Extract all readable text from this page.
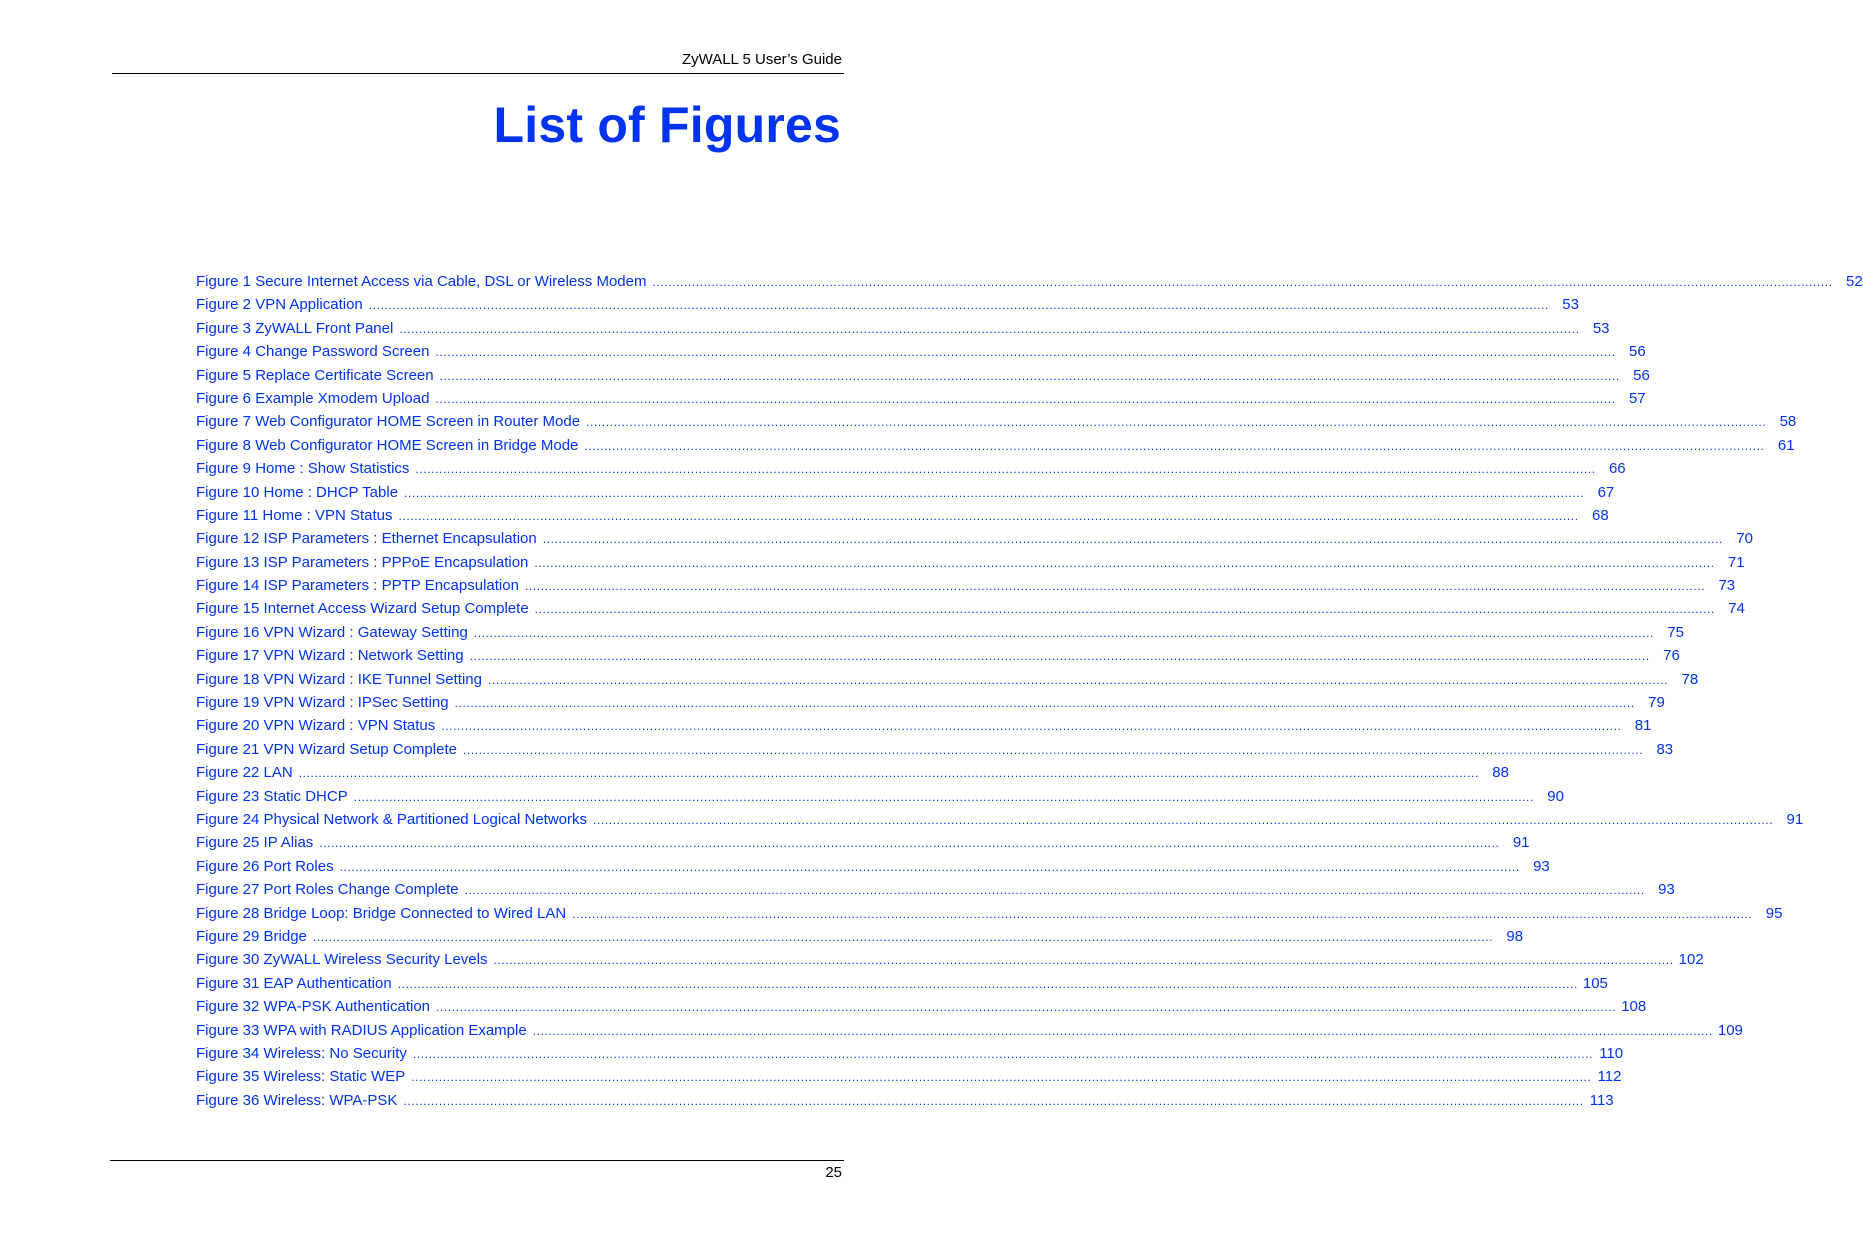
ZyWALL 5 User’s Guide
List of Figures
Figure 1 Secure Internet Access via Cable, DSL or Wireless Modem ............................................................................................................................................................................................................................................................................................................ 52
Figure 2 VPN Application ............................................................................................................................................................................................................................................................................................................ 53
Figure 3 ZyWALL Front Panel ............................................................................................................................................................................................................................................................................................................ 53
Figure 4 Change Password Screen ............................................................................................................................................................................................................................................................................................................ 56
Figure 5 Replace Certificate Screen ............................................................................................................................................................................................................................................................................................................ 56
Figure 6 Example Xmodem Upload ............................................................................................................................................................................................................................................................................................................ 57
Figure 7 Web Configurator HOME Screen in Router Mode ............................................................................................................................................................................................................................................................................................................ 58
Figure 8 Web Configurator HOME Screen in Bridge Mode ............................................................................................................................................................................................................................................................................................................ 61
Figure 9 Home : Show Statistics ............................................................................................................................................................................................................................................................................................................ 66
Figure 10 Home : DHCP Table ............................................................................................................................................................................................................................................................................................................ 67
Figure 11 Home : VPN Status ............................................................................................................................................................................................................................................................................................................ 68
Figure 12 ISP Parameters : Ethernet Encapsulation ............................................................................................................................................................................................................................................................................................................ 70
Figure 13 ISP Parameters : PPPoE Encapsulation ............................................................................................................................................................................................................................................................................................................ 71
Figure 14 ISP Parameters : PPTP Encapsulation ............................................................................................................................................................................................................................................................................................................ 73
Figure 15 Internet Access Wizard Setup Complete ............................................................................................................................................................................................................................................................................................................ 74
Figure 16 VPN Wizard : Gateway Setting ............................................................................................................................................................................................................................................................................................................ 75
Figure 17 VPN Wizard : Network Setting ............................................................................................................................................................................................................................................................................................................ 76
Figure 18 VPN Wizard : IKE Tunnel Setting ............................................................................................................................................................................................................................................................................................................ 78
Figure 19 VPN Wizard : IPSec Setting ............................................................................................................................................................................................................................................................................................................ 79
Figure 20 VPN Wizard : VPN Status ............................................................................................................................................................................................................................................................................................................ 81
Figure 21 VPN Wizard Setup Complete ............................................................................................................................................................................................................................................................................................................ 83
Figure 22 LAN ............................................................................................................................................................................................................................................................................................................ 88
Figure 23 Static DHCP ............................................................................................................................................................................................................................................................................................................ 90
Figure 24 Physical Network & Partitioned Logical Networks ............................................................................................................................................................................................................................................................................................................ 91
Figure 25 IP Alias ............................................................................................................................................................................................................................................................................................................ 91
Figure 26 Port Roles ............................................................................................................................................................................................................................................................................................................ 93
Figure 27 Port Roles Change Complete ............................................................................................................................................................................................................................................................................................................ 93
Figure 28 Bridge Loop: Bridge Connected to Wired LAN ............................................................................................................................................................................................................................................................................................................ 95
Figure 29 Bridge ............................................................................................................................................................................................................................................................................................................ 98
Figure 30 ZyWALL Wireless Security Levels ............................................................................................................................................................................................................................................................................................................ 102
Figure 31 EAP Authentication ............................................................................................................................................................................................................................................................................................................ 105
Figure 32 WPA-PSK Authentication ............................................................................................................................................................................................................................................................................................................ 108
Figure 33 WPA with RADIUS Application Example ............................................................................................................................................................................................................................................................................................................ 109
Figure 34 Wireless: No Security ............................................................................................................................................................................................................................................................................................................ 110
Figure 35 Wireless: Static WEP ............................................................................................................................................................................................................................................................................................................ 112
Figure 36 Wireless: WPA-PSK ............................................................................................................................................................................................................................................................................................................ 113
25
